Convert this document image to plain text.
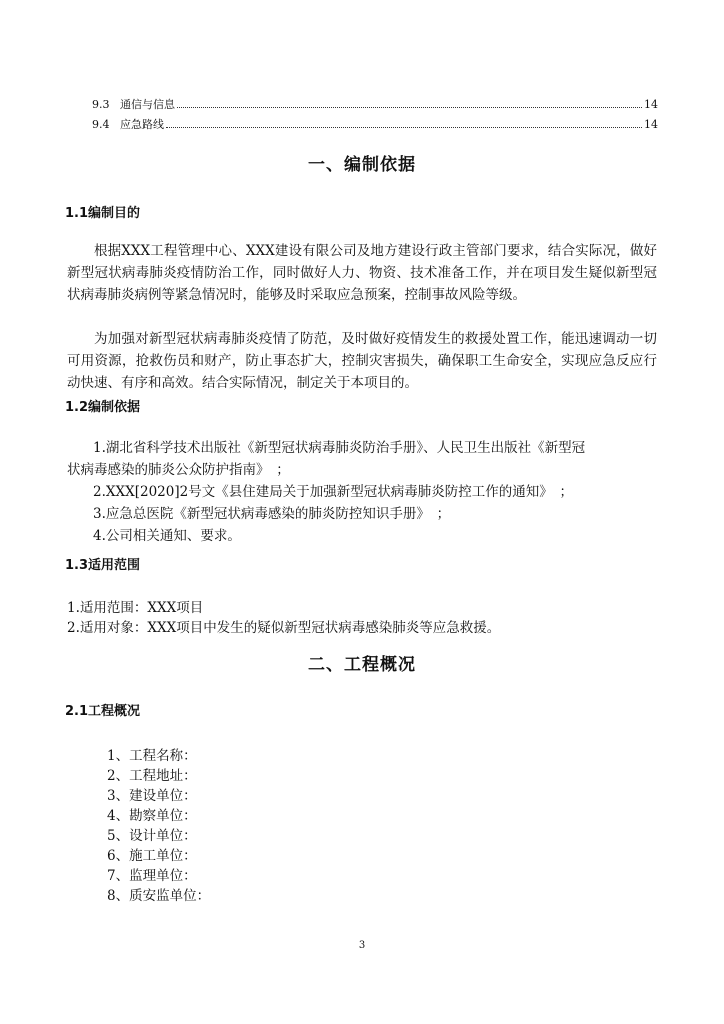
9.3 通信与信息	14
9.4 应急路线	14
一、编制依据
1.1编制目的

根据XXX工程管理中心、XXX建设有限公司及地方建设行政主管部门要求，结合实际况，做好新型冠状病毒肺炎疫情防治工作，同时做好人力、物资、技术准备工作，并在项目发生疑似新型冠状病毒肺炎病例等紧急情况时，能够及时采取应急预案，控制事故风险等级。

为加强对新型冠状病毒肺炎疫情了防范，及时做好疫情发生的救援处置工作，能迅速调动一切可用资源，抢救伤员和财产，防止事态扩大，控制灾害损失，确保职工生命安全，实现应急反应行动快速、有序和高效。结合实际情况，制定关于本项目的。

1.2编制依据
1.湖北省科学技术出版社《新型冠状病毒肺炎防治手册》、人民卫生出版社《新型冠
状病毒感染的肺炎公众防护指南》　；
2.XXX[2020]2号文《县住建局关于加强新型冠状病毒肺炎防控工作的通知》　；
3.应急总医院《新型冠状病毒感染的肺炎防控知识手册》　；
4.公司相关通知、要求。
1.3适用范围
1.适用范围：XXX项目
2.适用对象：XXX项目中发生的疑似新型冠状病毒感染肺炎等应急救援。
二、工程概况
2.1工程概况
1、工程名称：
2、工程地址：
3、建设单位：
4、勘察单位：
5、设计单位：
6、施工单位：
7、监理单位：
8、质安监单位：
3
